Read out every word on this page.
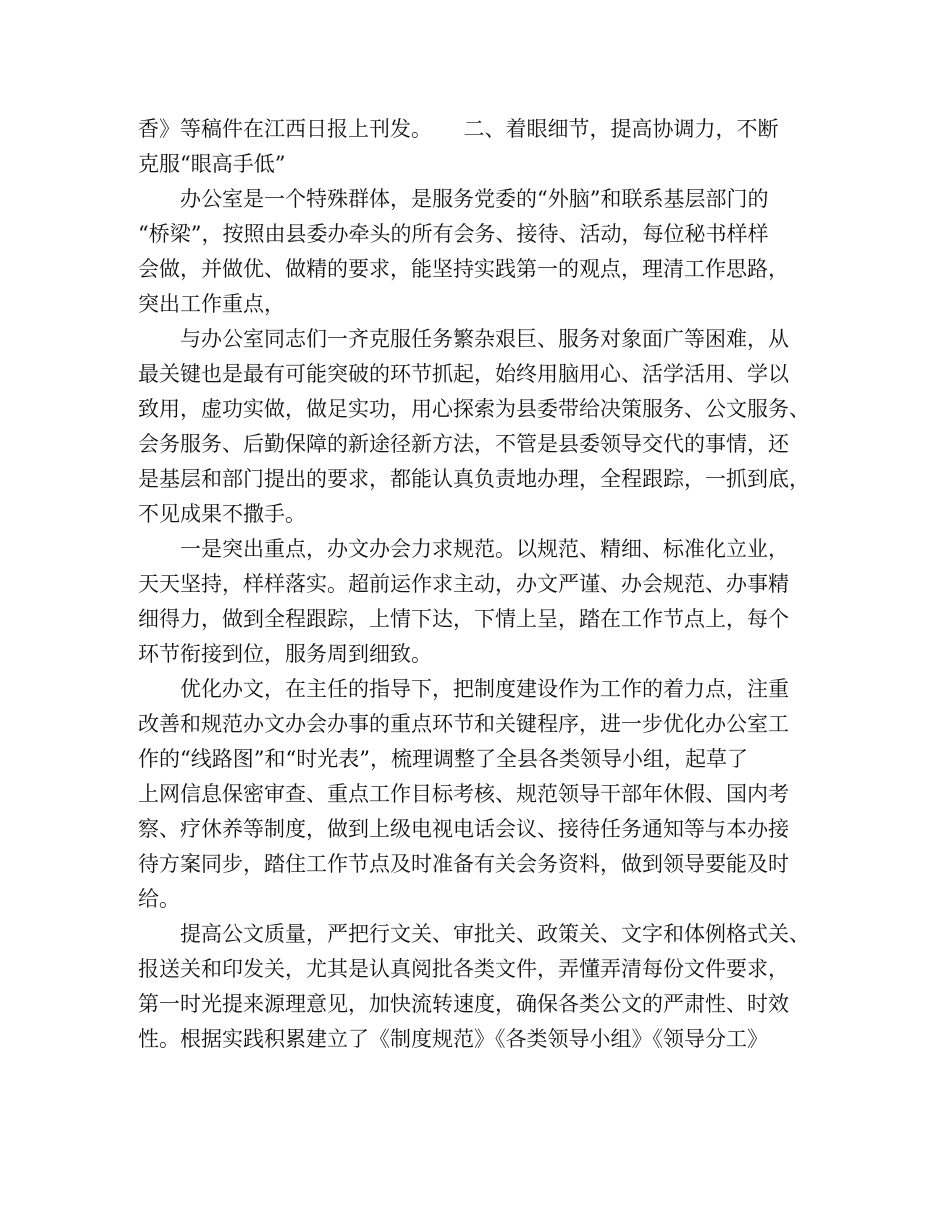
香》等稿件在江西日报上刊发。　　二、着眼细节，提高协调力，不断
克服“眼高手低”
办公室是一个特殊群体，是服务党委的“外脑”和联系基层部门的
“桥梁”，按照由县委办牵头的所有会务、接待、活动，每位秘书样样
会做，并做优、做精的要求，能坚持实践第一的观点，理清工作思路，
突出工作重点，
与办公室同志们一齐克服任务繁杂艰巨、服务对象面广等困难，从
最关键也是最有可能突破的环节抓起，始终用脑用心、活学活用、学以
致用，虚功实做，做足实功，用心探索为县委带给决策服务、公文服务、
会务服务、后勤保障的新途径新方法，不管是县委领导交代的事情，还
是基层和部门提出的要求，都能认真负责地办理，全程跟踪，一抓到底，
不见成果不撒手。
一是突出重点，办文办会力求规范。以规范、精细、标准化立业，
天天坚持，样样落实。超前运作求主动，办文严谨、办会规范、办事精
细得力，做到全程跟踪，上情下达，下情上呈，踏在工作节点上，每个
环节衔接到位，服务周到细致。
优化办文，在主任的指导下，把制度建设作为工作的着力点，注重
改善和规范办文办会办事的重点环节和关键程序，进一步优化办公室工
作的“线路图”和“时光表”，梳理调整了全县各类领导小组，起草了
上网信息保密审查、重点工作目标考核、规范领导干部年休假、国内考
察、疗休养等制度，做到上级电视电话会议、接待任务通知等与本办接
待方案同步，踏住工作节点及时准备有关会务资料，做到领导要能及时
给。
提高公文质量，严把行文关、审批关、政策关、文字和体例格式关、
报送关和印发关，尤其是认真阅批各类文件，弄懂弄清每份文件要求，
第一时光提来源理意见，加快流转速度，确保各类公文的严肃性、时效
性。根据实践积累建立了《制度规范》《各类领导小组》《领导分工》
